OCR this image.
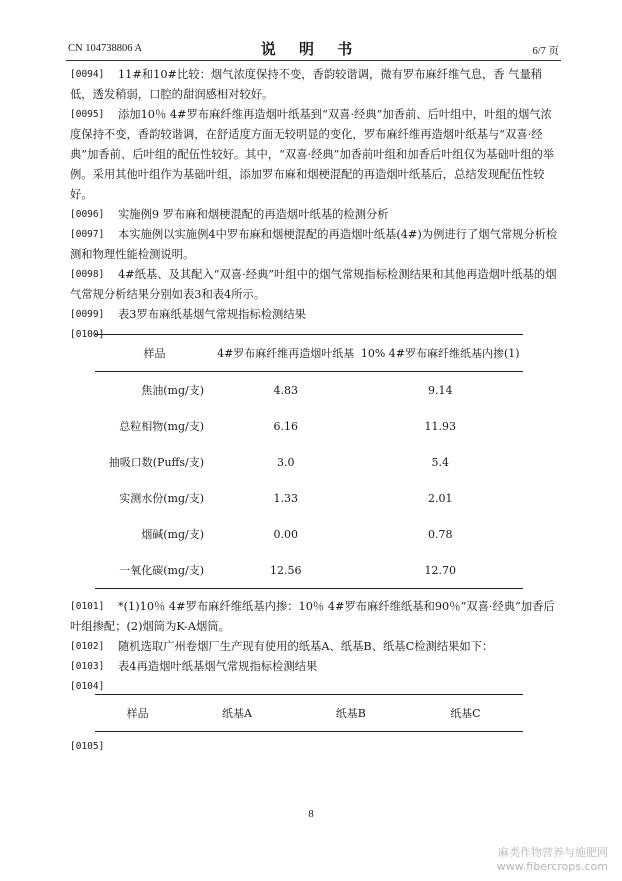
CN 104738806 A	说 明 书	6/7 页
[0094]	11#和10#比较：烟气浓度保持不变，香韵较谐调，微有罗布麻纤维气息，香 气量稍低，透发稍弱，口腔的甜润感相对较好。
[0095]	添加10％ 4#罗布麻纤维再造烟叶纸基到“双喜·经典”加香前、后叶组中，叶组的烟气浓度保持不变，香韵较谐调，在舒适度方面无较明显的变化，罗布麻纤维再造烟叶纸基与“双喜·经典”加香前、后叶组的配伍性较好。其中，“双喜·经典”加香前叶组和加香后叶组仅为基础叶组的举例。采用其他叶组作为基础叶组，添加罗布麻和烟梗混配的再造烟叶纸基后，总结发现配伍性较好。
[0096]	实施例9 罗布麻和烟梗混配的再造烟叶纸基的检测分析
[0097]	本实施例以实施例4中罗布麻和烟梗混配的再造烟叶纸基(4#)为例进行了烟气常规分析检测和物理性能检测说明。
[0098]	4#纸基、及其配入“双喜·经典”叶组中的烟气常规指标检测结果和其他再造烟叶纸基的烟气常规分析结果分别如表3和表4所示。
[0099]	表3罗布麻纸基烟气常规指标检测结果
[0100]
样品	4#罗布麻纤维再造烟叶纸基	10% 4#罗布麻纤维纸基内掺(1)
焦油(mg/支)	4.83	9.14
总粒相物(mg/支)	6.16	11.93
抽吸口数(Puffs/支)	3.0	5.4
实测水份(mg/支)	1.33	2.01
烟碱(mg/支)	0.00	0.78
一氧化碳(mg/支)	12.56	12.70
[0101]	*(1)10％ 4#罗布麻纤维纸基内掺：10％ 4#罗布麻纤维纸基和90％“双喜·经典”加香后叶组掺配；(2)烟筒为K-A烟筒。
[0102]	随机选取广州卷烟厂生产现有使用的纸基A、纸基B、纸基C检测结果如下：
[0103]	表4再造烟叶纸基烟气常规指标检测结果
[0104]
样品	纸基A	纸基B	纸基C
[0105]
8
麻类作物营养与施肥网
www.fibercrops.com
